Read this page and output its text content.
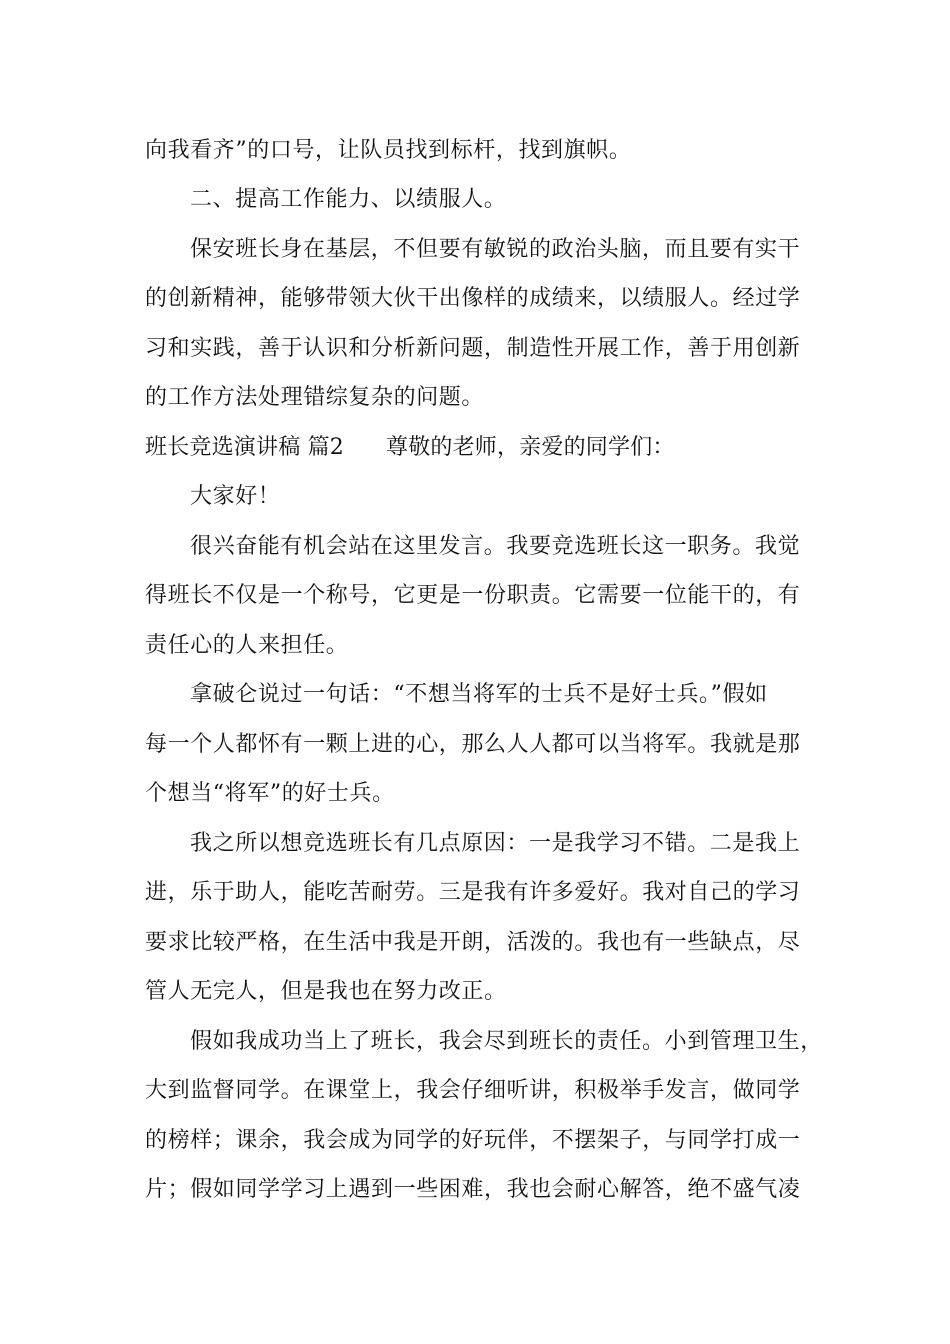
向我看齐”的口号，让队员找到标杆，找到旗帜。
二、提高工作能力、以绩服人。
保安班长身在基层，不但要有敏锐的政治头脑，而且要有实干
的创新精神，能够带领大伙干出像样的成绩来，以绩服人。经过学
习和实践，善于认识和分析新问题，制造性开展工作，善于用创新
的工作方法处理错综复杂的问题。
班长竞选演讲稿 篇2 尊敬的老师，亲爱的同学们：
大家好！
很兴奋能有机会站在这里发言。我要竞选班长这一职务。我觉
得班长不仅是一个称号，它更是一份职责。它需要一位能干的，有
责任心的人来担任。
拿破仑说过一句话：“不想当将军的士兵不是好士兵。”假如
每一个人都怀有一颗上进的心，那么人人都可以当将军。我就是那
个想当“将军”的好士兵。
我之所以想竞选班长有几点原因：一是我学习不错。二是我上
进，乐于助人，能吃苦耐劳。三是我有许多爱好。我对自己的学习
要求比较严格，在生活中我是开朗，活泼的。我也有一些缺点，尽
管人无完人，但是我也在努力改正。
假如我成功当上了班长，我会尽到班长的责任。小到管理卫生，
大到监督同学。在课堂上，我会仔细听讲，积极举手发言，做同学
的榜样；课余，我会成为同学的好玩伴，不摆架子，与同学打成一
片；假如同学学习上遇到一些困难，我也会耐心解答，绝不盛气凌
